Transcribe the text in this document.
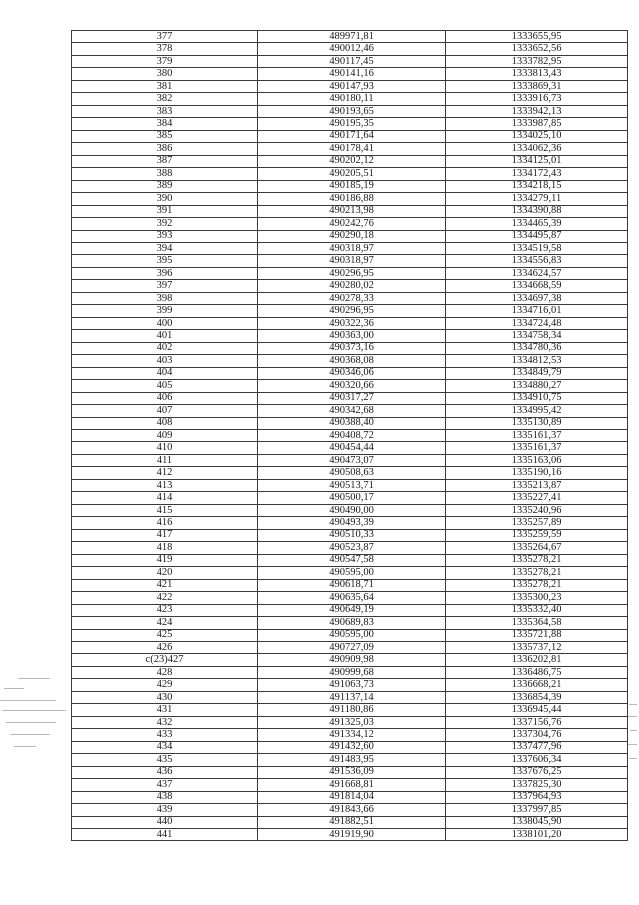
377	489971,81	1333655,95
378	490012,46	1333652,56
379	490117,45	1333782,95
380	490141,16	1333813,43
381	490147,93	1333869,31
382	490180,11	1333916,73
383	490193,65	1333942,13
384	490195,35	1333987,85
385	490171,64	1334025,10
386	490178,41	1334062,36
387	490202,12	1334125,01
388	490205,51	1334172,43
389	490185,19	1334218,15
390	490186,88	1334279,11
391	490213,98	1334390,88
392	490242,76	1334465,39
393	490290,18	1334495,87
394	490318,97	1334519,58
395	490318,97	1334556,83
396	490296,95	1334624,57
397	490280,02	1334668,59
398	490278,33	1334697,38
399	490296,95	1334716,01
400	490322,36	1334724,48
401	490363,00	1334758,34
402	490373,16	1334780,36
403	490368,08	1334812,53
404	490346,06	1334849,79
405	490320,66	1334880,27
406	490317,27	1334910,75
407	490342,68	1334995,42
408	490388,40	1335130,89
409	490408,72	1335161,37
410	490454,44	1335161,37
411	490473,07	1335163,06
412	490508,63	1335190,16
413	490513,71	1335213,87
414	490500,17	1335227,41
415	490490,00	1335240,96
416	490493,39	1335257,89
417	490510,33	1335259,59
418	490523,87	1335264,67
419	490547,58	1335278,21
420	490595,00	1335278,21
421	490618,71	1335278,21
422	490635,64	1335300,23
423	490649,19	1335332,40
424	490689,83	1335364,58
425	490595,00	1335721,88
426	490727,09	1335737,12
с(23)427	490909,98	1336202,81
428	490999,68	1336486,75
429	491063,73	1336668,21
430	491137,14	1336854,39
431	491180,86	1336945,44
432	491325,03	1337156,76
433	491334,12	1337304,76
434	491432,60	1337477,96
435	491483,95	1337606,34
436	491536,09	1337676,25
437	491668,81	1337825,30
438	491814,04	1337964,93
439	491843,66	1337997,85
440	491882,51	1338045,90
441	491919,90	1338101,20
